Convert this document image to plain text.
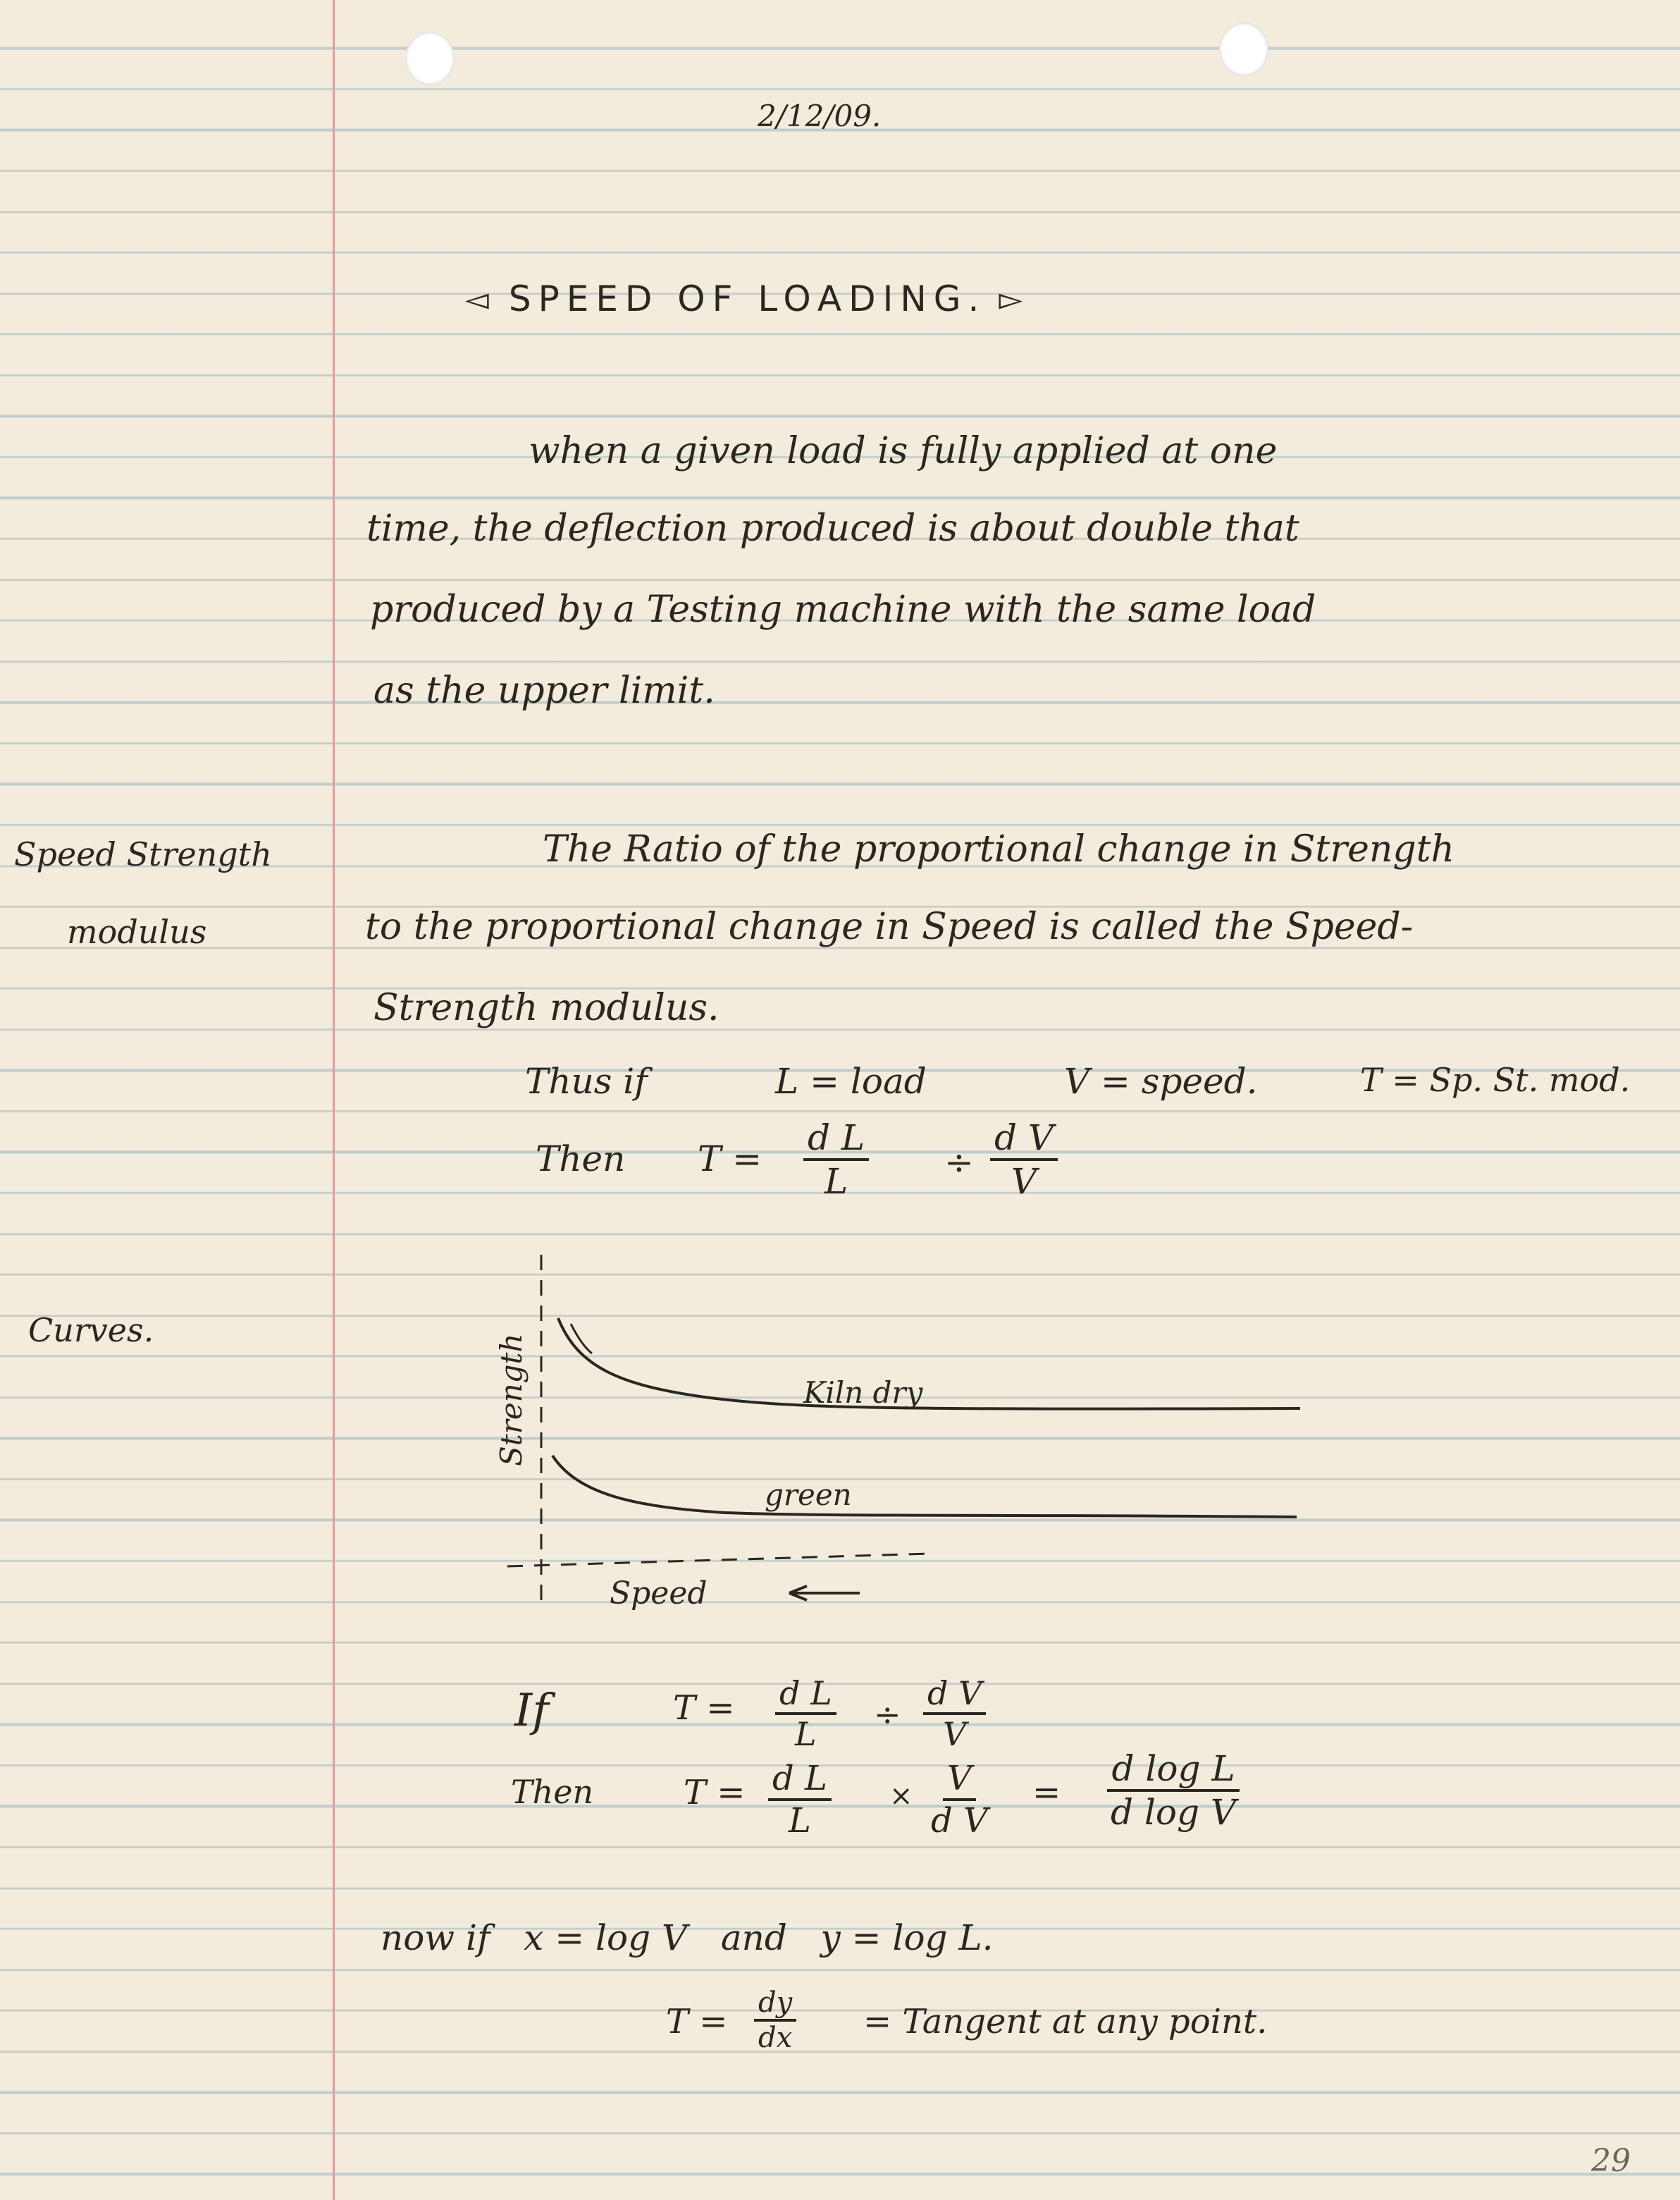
2/12/09.
◅ SPEED OF LOADING. ▻
when a given load is fully applied at one
time, the deflection produced is about double that
produced by a Testing machine with the same load
as the upper limit.
Speed Strength
modulus
Curves.
The Ratio of the proportional change in Strength
to the proportional change in Speed is called the Speed-
Strength modulus.
Thus if	L = load	V = speed.	T = Sp. St. mod.
Then $T = \frac{\text{d L}}{L} \div \frac{\text{d V}}{V}$
Strength	Kiln dry
green
Speed
If	$T = \frac{\text{d L}}{L} \div \frac{\text{d V}}{V}$
Then	$T = \frac{\text{d L}}{L} \times \frac{V}{\text{d V}} = \frac{\text{d log L}}{\text{d log V}}$
now if   x = log V   and   y = log L.
$T = \frac{dy}{dx}$ = Tangent at any point.
29
